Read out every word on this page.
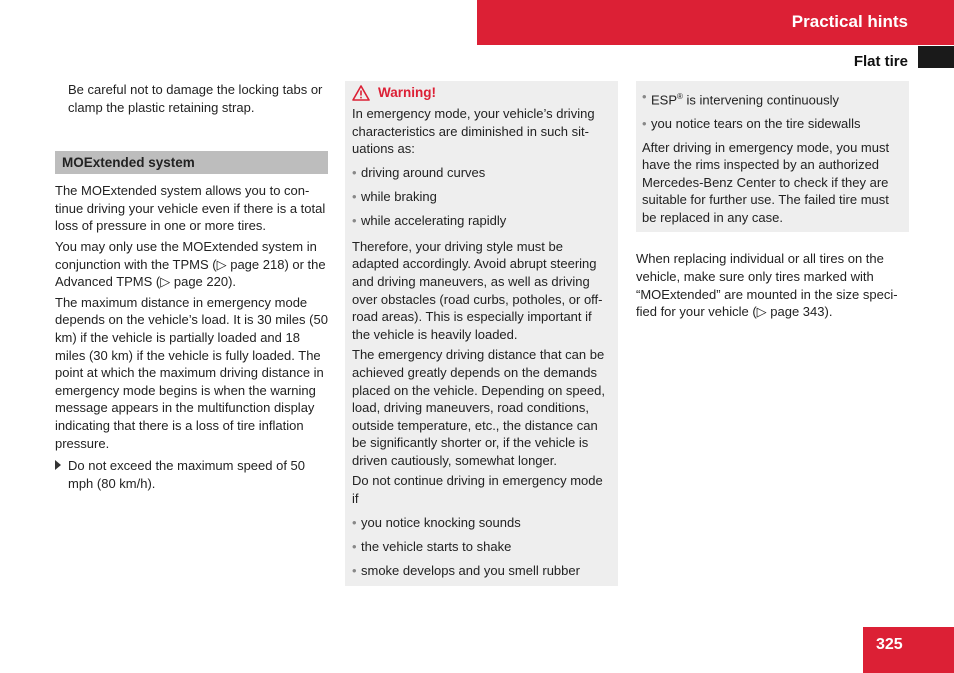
Practical hints
Flat tire

Be careful not to damage the locking tabs or clamp the plastic retaining strap.

MOExtended system

The MOExtended system allows you to continue driving your vehicle even if there is a total loss of pressure in one or more tires.

You may only use the MOExtended system in conjunction with the TPMS (▷ page 218) or the Advanced TPMS (▷ page 220).

The maximum distance in emergency mode depends on the vehicle’s load. It is 30 miles (50 km) if the vehicle is partially loaded and 18 miles (30 km) if the vehicle is fully loaded. The point at which the maximum driving distance in emergency mode begins is when the warning message appears in the multifunction display indicating that there is a loss of tire inflation pressure.

Do not exceed the maximum speed of 50 mph (80 km/h).
Warning!

In emergency mode, your vehicle’s driving characteristics are diminished in such situations as:

• driving around curves
• while braking
• while accelerating rapidly

Therefore, your driving style must be adapted accordingly. Avoid abrupt steering and driving maneuvers, as well as driving over obstacles (road curbs, potholes, or off-road areas). This is especially important if the vehicle is heavily loaded.

The emergency driving distance that can be achieved greatly depends on the demands placed on the vehicle. Depending on speed, load, driving maneuvers, road conditions, outside temperature, etc., the distance can be significantly shorter or, if the vehicle is driven cautiously, somewhat longer.

Do not continue driving in emergency mode if

• you notice knocking sounds
• the vehicle starts to shake
• smoke develops and you smell rubber
• ESP® is intervening continuously
• you notice tears on the tire sidewalls

After driving in emergency mode, you must have the rims inspected by an authorized Mercedes-Benz Center to check if they are suitable for further use. The failed tire must be replaced in any case.

When replacing individual or all tires on the vehicle, make sure only tires marked with “MOExtended” are mounted in the size specified for your vehicle (▷ page 343).

325
